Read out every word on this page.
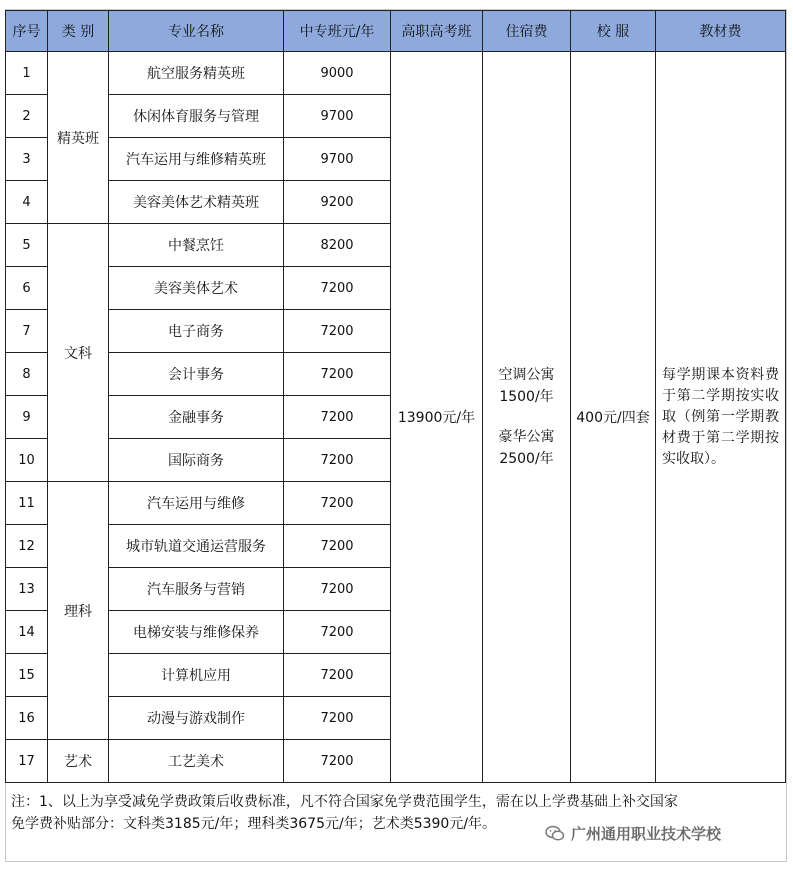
序号	类 别	专业名称	中专班元/年	高职高考班	住宿费	校 服	教材费
1	精英班	航空服务精英班	9000	13900元/年	空调公寓
1500/年
豪华公寓
2500/年	400元/四套	每学期课本资料费于第二学期按实收取（例第一学期教材费于第二学期按实收取）。
2		休闲体育服务与管理	9700				
3		汽车运用与维修精英班	9700				
4		美容美体艺术精英班	9200				
5	文科	中餐烹饪	8200				
6		美容美体艺术	7200				
7		电子商务	7200				
8		会计事务	7200				
9		金融事务	7200				
10		国际商务	7200				
11	理科	汽车运用与维修	7200				
12		城市轨道交通运营服务	7200				
13		汽车服务与营销	7200				
14		电梯安装与维修保养	7200				
15		计算机应用	7200				
16		动漫与游戏制作	7200				
17	艺术	工艺美术	7200				
注：1、以上为享受减免学费政策后收费标准，凡不符合国家免学费范围学生，需在以上学费基础上补交国家
免学费补贴部分：文科类3185元/年；理科类3675元/年；艺术类5390元/年。
广州通用职业技术学校
